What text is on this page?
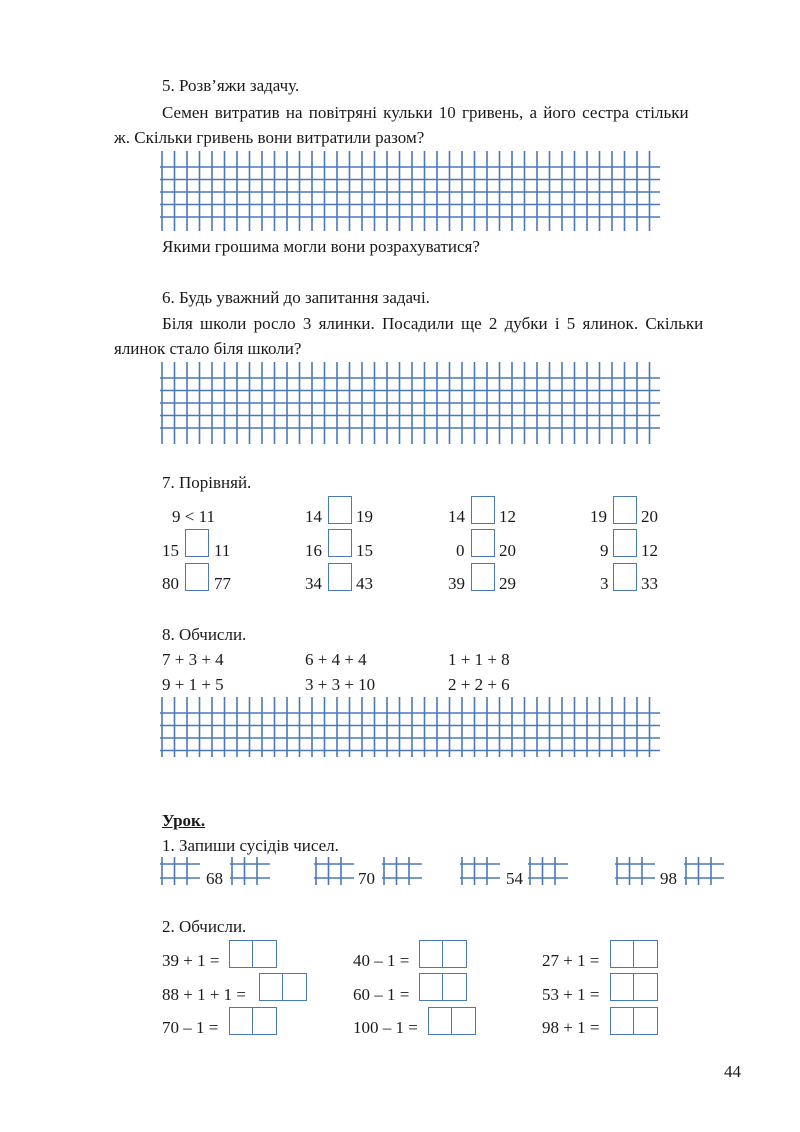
5. Розв’яжи задачу.
Семен витратив на повітряні кульки 10 гривень, а його сестра стільки
ж. Скільки гривень вони витратили разом?
Якими грошима могли вони розрахуватися?
6. Будь уважний до запитання задачі.
Біля школи росло 3 ялинки. Посадили ще 2 дубки і 5 ялинок. Скільки
ялинок стало біля школи?
7. Порівняй.
9 < 11	14 19	14 12	19 20
15 11	16 15	0 20	9 12
80 77	34 43	39 29	3 33
8. Обчисли.
7 + 3 + 4	6 + 4 + 4	1 + 1 + 8
9 + 1 + 5	3 + 3 + 10	2 + 2 + 6
Урок.
1. Запиши сусідів чисел.
68	70	54	98
2. Обчисли.
39 + 1 =	40 – 1 =	27 + 1 =
88 + 1 + 1 =	60 – 1 =	53 + 1 =
70 – 1 =	100 – 1 =	98 + 1 =
44
